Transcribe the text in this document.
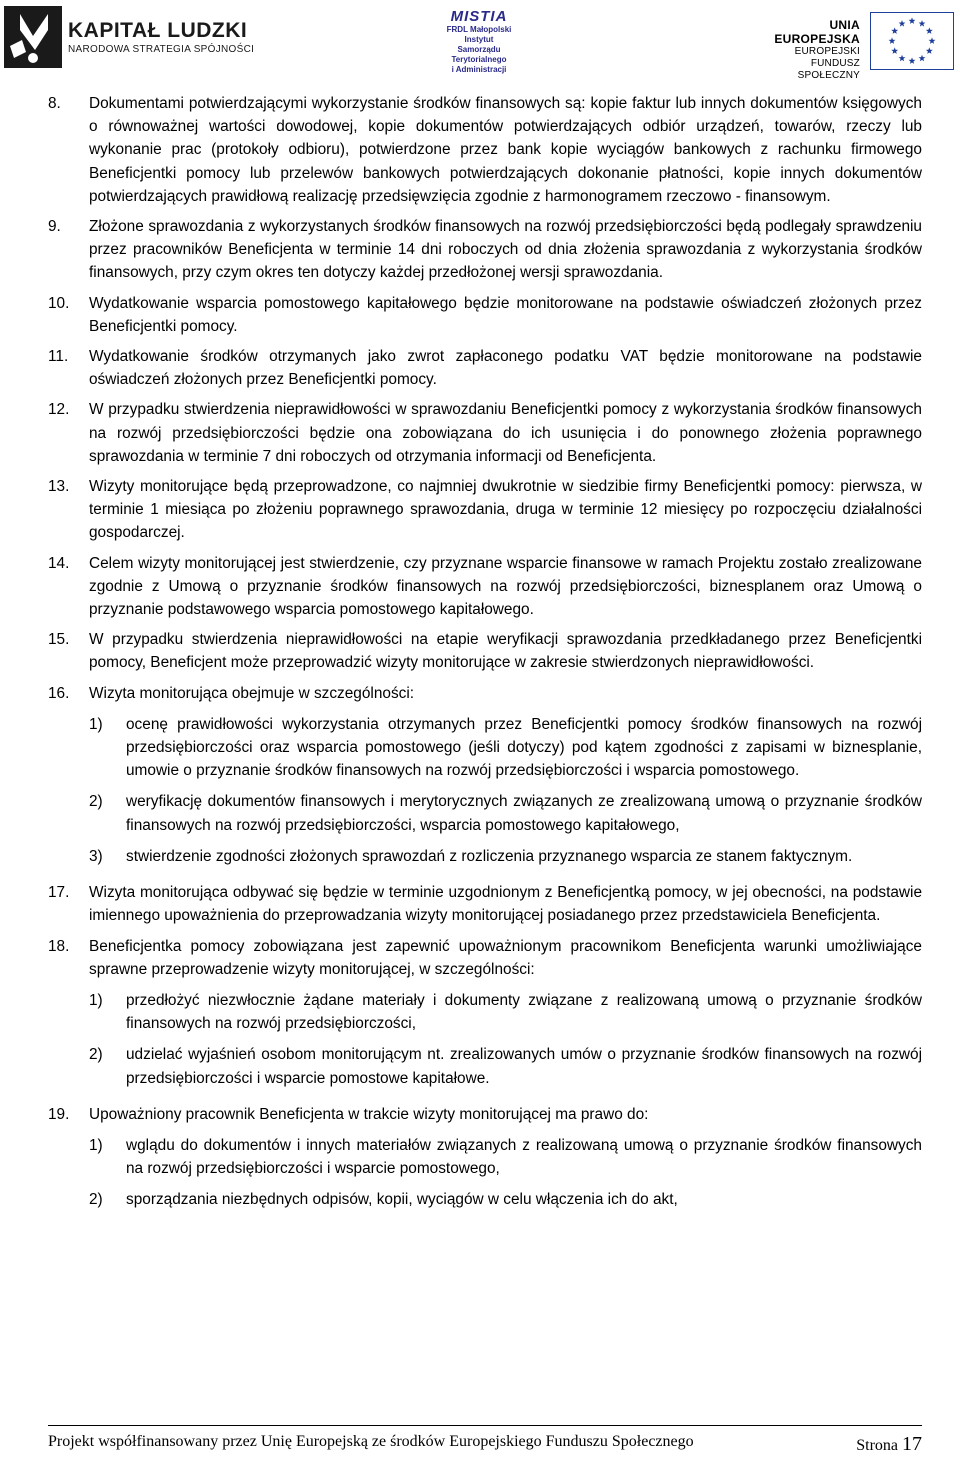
KAPITAŁ LUDZKI
NARODOWA STRATEGIA SPÓJNOŚCI
MISTIA
FRDL Małopolski Instytut
Samorządu Terytorialnego
i Administracji
UNIA EUROPEJSKA
EUROPEJSKI
FUNDUSZ SPOŁECZNY
8.	Dokumentami potwierdzającymi wykorzystanie środków finansowych są: kopie faktur lub innych dokumentów księgowych o równoważnej wartości dowodowej, kopie dokumentów potwierdzających odbiór urządzeń, towarów, rzeczy lub wykonanie prac (protokoły odbioru), potwierdzone przez bank kopie wyciągów bankowych z rachunku firmowego Beneficjentki pomocy lub przelewów bankowych potwierdzających dokonanie płatności, kopie innych dokumentów potwierdzających prawidłową realizację przedsięwzięcia zgodnie z harmonogramem rzeczowo - finansowym.
9.	Złożone sprawozdania z wykorzystanych środków finansowych na rozwój przedsiębiorczości będą podlegały sprawdzeniu przez pracowników Beneficjenta w terminie 14 dni roboczych od dnia złożenia sprawozdania z wykorzystania środków finansowych, przy czym okres ten dotyczy każdej przedłożonej wersji sprawozdania.
10.	Wydatkowanie wsparcia pomostowego kapitałowego będzie monitorowane na podstawie oświadczeń złożonych przez Beneficjentki pomocy.
11.	Wydatkowanie środków otrzymanych jako zwrot zapłaconego podatku VAT będzie monitorowane na podstawie oświadczeń złożonych przez Beneficjentki pomocy.
12.	W przypadku stwierdzenia nieprawidłowości w sprawozdaniu Beneficjentki pomocy z wykorzystania środków finansowych na rozwój przedsiębiorczości będzie ona zobowiązana do ich usunięcia i do ponownego złożenia poprawnego sprawozdania w terminie 7 dni roboczych od otrzymania informacji od Beneficjenta.
13.	Wizyty monitorujące będą przeprowadzone, co najmniej dwukrotnie w siedzibie firmy Beneficjentki pomocy: pierwsza, w terminie 1 miesiąca po złożeniu poprawnego sprawozdania, druga w terminie 12 miesięcy po rozpoczęciu działalności gospodarczej.
14.	Celem wizyty monitorującej jest stwierdzenie, czy przyznane wsparcie finansowe w ramach Projektu zostało zrealizowane zgodnie z Umową o przyznanie środków finansowych na rozwój przedsiębiorczości, biznesplanem oraz Umową o przyznanie podstawowego wsparcia pomostowego kapitałowego.
15.	W przypadku stwierdzenia nieprawidłowości na etapie weryfikacji sprawozdania przedkładanego przez Beneficjentki pomocy, Beneficjent może przeprowadzić wizyty monitorujące w zakresie stwierdzonych nieprawidłowości.
16.	Wizyta monitorująca obejmuje w szczególności:
1)	ocenę prawidłowości wykorzystania otrzymanych przez Beneficjentki pomocy środków finansowych na rozwój przedsiębiorczości oraz wsparcia pomostowego (jeśli dotyczy) pod kątem zgodności z zapisami w biznesplanie, umowie o przyznanie środków finansowych na rozwój przedsiębiorczości i wsparcia pomostowego.
2)	weryfikację dokumentów finansowych i merytorycznych związanych ze zrealizowaną umową o przyznanie środków finansowych na rozwój przedsiębiorczości, wsparcia pomostowego kapitałowego,
3)	stwierdzenie zgodności złożonych sprawozdań z rozliczenia przyznanego wsparcia ze stanem faktycznym.
17.	Wizyta monitorująca odbywać się będzie w terminie uzgodnionym z Beneficjentką pomocy, w jej obecności, na podstawie imiennego upoważnienia do przeprowadzania wizyty monitorującej posiadanego przez przedstawiciela Beneficjenta.
18.	Beneficjentka pomocy zobowiązana jest zapewnić upoważnionym pracownikom Beneficjenta warunki umożliwiające sprawne przeprowadzenie wizyty monitorującej, w szczególności:
1)	przedłożyć niezwłocznie żądane materiały i dokumenty związane z realizowaną umową o przyznanie środków finansowych na rozwój przedsiębiorczości,
2)	udzielać wyjaśnień osobom monitorującym nt. zrealizowanych umów o przyznanie środków finansowych na rozwój przedsiębiorczości i wsparcie pomostowe kapitałowe.
19.	Upoważniony pracownik Beneficjenta w trakcie wizyty monitorującej ma prawo do:
1)	wglądu do dokumentów i innych materiałów związanych z realizowaną umową o przyznanie środków finansowych na rozwój przedsiębiorczości i wsparcie pomostowego,
2)	sporządzania niezbędnych odpisów, kopii, wyciągów w celu włączenia ich do akt,
Projekt współfinansowany przez Unię Europejską ze środków Europejskiego Funduszu Społecznego	Strona 17
